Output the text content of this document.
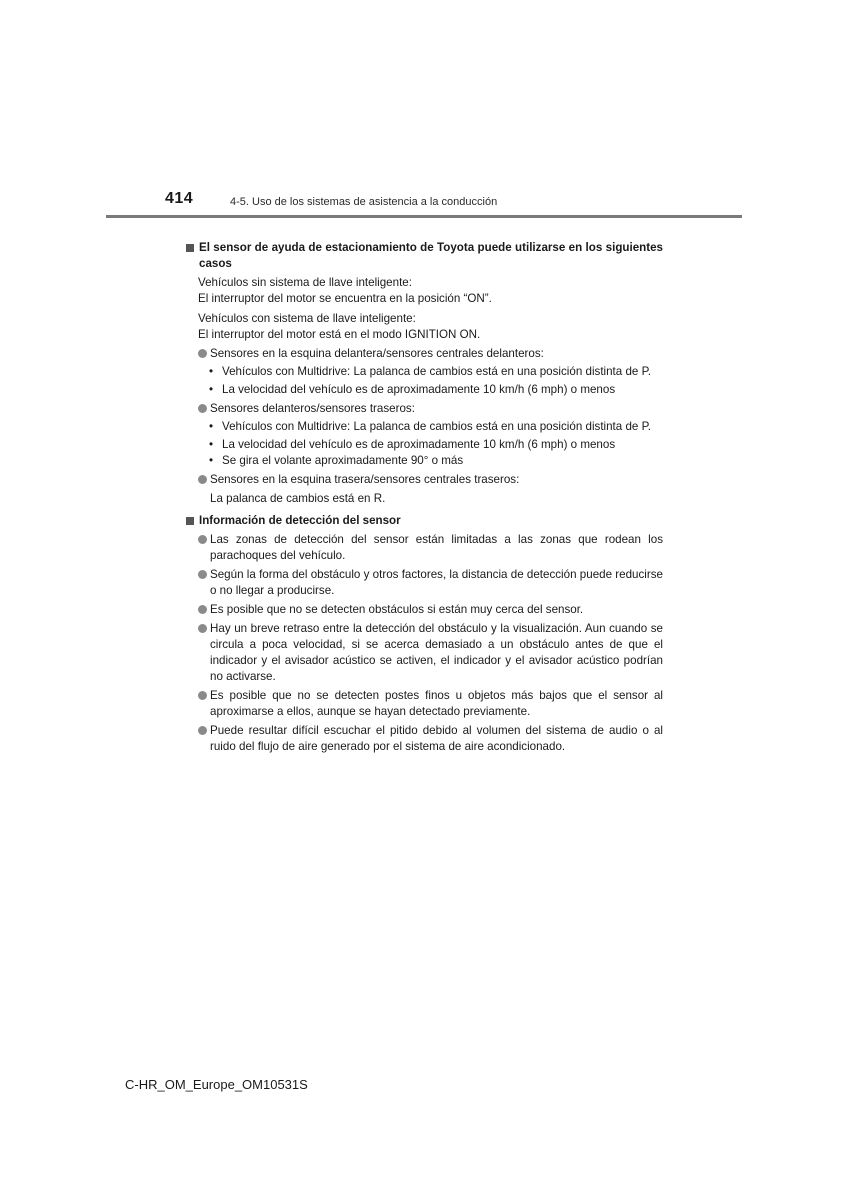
414	4-5. Uso de los sistemas de asistencia a la conducción
El sensor de ayuda de estacionamiento de Toyota puede utilizarse en los siguientes casos
Vehículos sin sistema de llave inteligente:
El interruptor del motor se encuentra en la posición “ON”.
Vehículos con sistema de llave inteligente:
El interruptor del motor está en el modo IGNITION ON.
Sensores en la esquina delantera/sensores centrales delanteros:
• Vehículos con Multidrive: La palanca de cambios está en una posición distinta de P.
• La velocidad del vehículo es de aproximadamente 10 km/h (6 mph) o menos
Sensores delanteros/sensores traseros:
• Vehículos con Multidrive: La palanca de cambios está en una posición distinta de P.
• La velocidad del vehículo es de aproximadamente 10 km/h (6 mph) o menos
• Se gira el volante aproximadamente 90° o más
Sensores en la esquina trasera/sensores centrales traseros:
La palanca de cambios está en R.
Información de detección del sensor
Las zonas de detección del sensor están limitadas a las zonas que rodean los parachoques del vehículo.
Según la forma del obstáculo y otros factores, la distancia de detección puede reducirse o no llegar a producirse.
Es posible que no se detecten obstáculos si están muy cerca del sensor.
Hay un breve retraso entre la detección del obstáculo y la visualización. Aun cuando se circula a poca velocidad, si se acerca demasiado a un obstáculo antes de que el indicador y el avisador acústico se activen, el indicador y el avisador acústico podrían no activarse.
Es posible que no se detecten postes finos u objetos más bajos que el sensor al aproximarse a ellos, aunque se hayan detectado previamente.
Puede resultar difícil escuchar el pitido debido al volumen del sistema de audio o al ruido del flujo de aire generado por el sistema de aire acondicionado.
C-HR_OM_Europe_OM10531S
